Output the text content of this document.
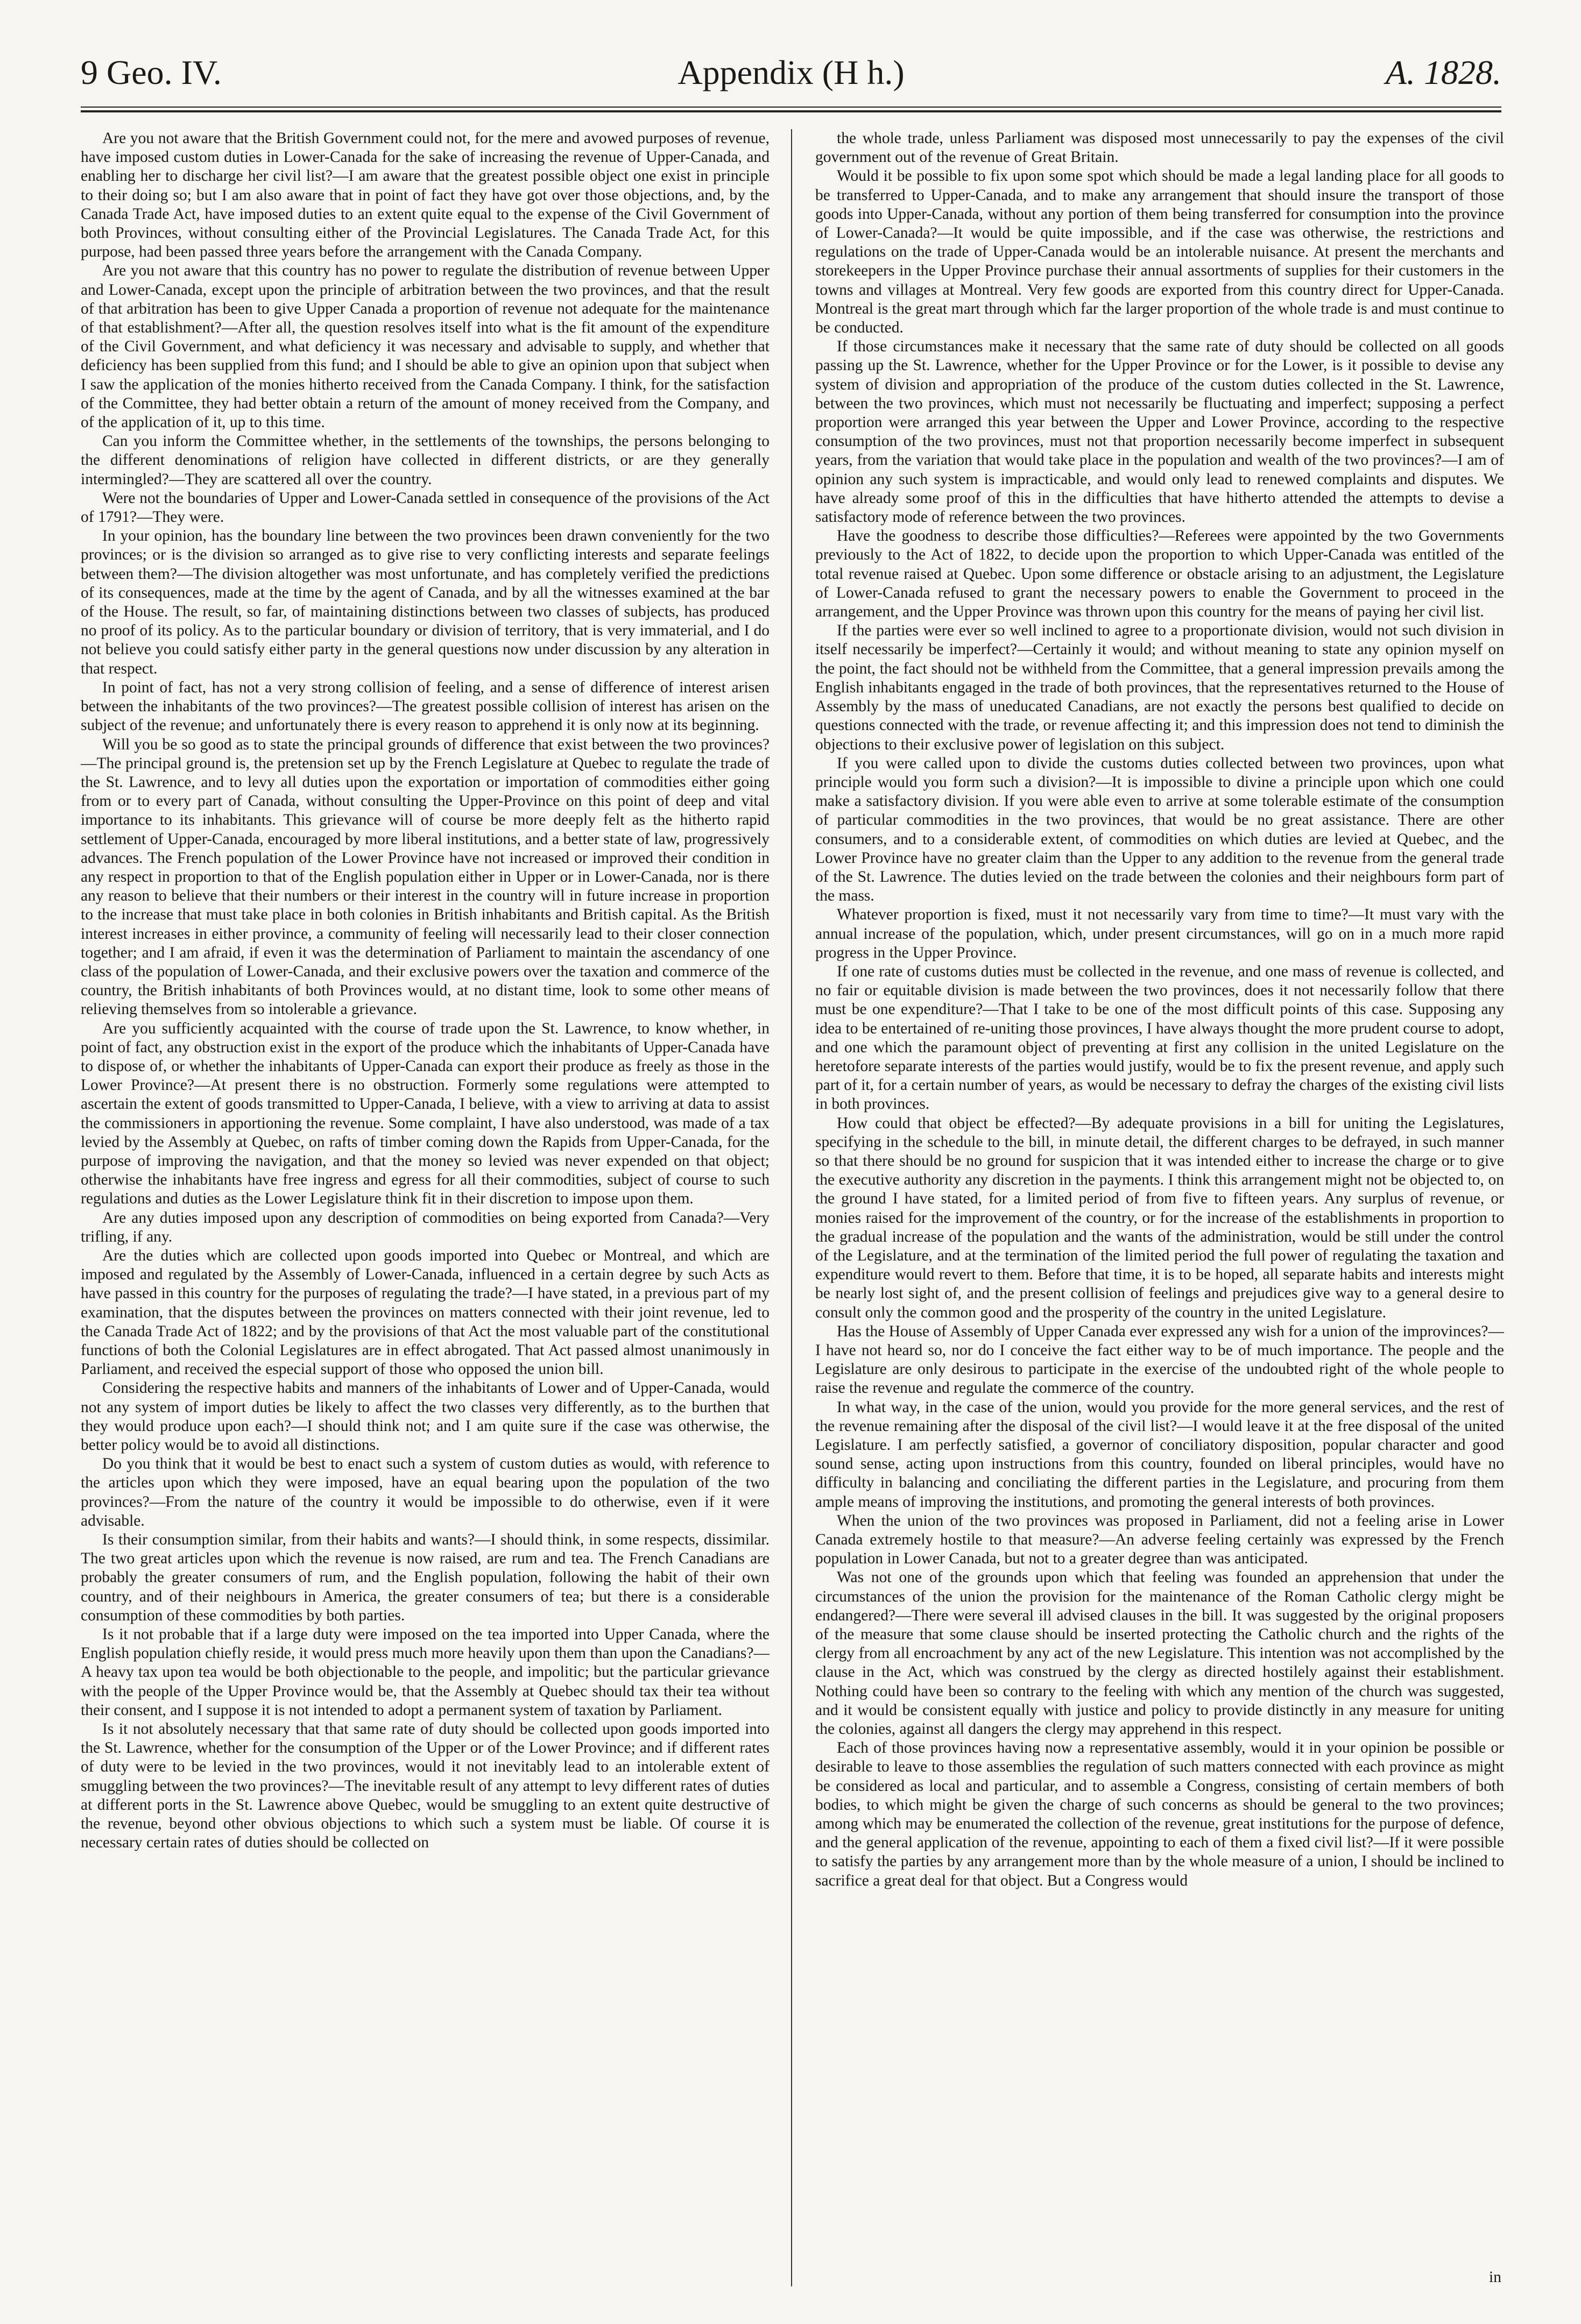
9 Geo. IV.	Appendix (H h.)	A. 1828.

Are you not aware that the British Government could not, for the mere and avowed purposes of revenue, have imposed custom duties in Lower-Canada for the sake of increasing the revenue of Upper-Canada, and enabling her to discharge her civil list?—I am aware that the greatest possible object one exist in principle to their doing so; but I am also aware that in point of fact they have got over those objections, and, by the Canada Trade Act, have imposed duties to an extent quite equal to the expense of the Civil Government of both Provinces, without consulting either of the Provincial Legislatures. The Canada Trade Act, for this purpose, had been passed three years before the arrangement with the Canada Company.

Are you not aware that this country has no power to regulate the distribution of revenue between Upper and Lower-Canada, except upon the principle of arbitration between the two provinces, and that the result of that arbitration has been to give Upper Canada a proportion of revenue not adequate for the maintenance of that establishment?—After all, the question resolves itself into what is the fit amount of the expenditure of the Civil Government, and what deficiency it was necessary and advisable to supply, and whether that deficiency has been supplied from this fund; and I should be able to give an opinion upon that subject when I saw the application of the monies hitherto received from the Canada Company. I think, for the satisfaction of the Committee, they had better obtain a return of the amount of money received from the Company, and of the application of it, up to this time.

Can you inform the Committee whether, in the settlements of the townships, the persons belonging to the different denominations of religion have collected in different districts, or are they generally intermingled?—They are scattered all over the country.

Were not the boundaries of Upper and Lower-Canada settled in consequence of the provisions of the Act of 1791?—They were.

In your opinion, has the boundary line between the two provinces been drawn conveniently for the two provinces; or is the division so arranged as to give rise to very conflicting interests and separate feelings between them?—The division altogether was most unfortunate, and has completely verified the predictions of its consequences, made at the time by the agent of Canada, and by all the witnesses examined at the bar of the House. The result, so far, of maintaining distinctions between two classes of subjects, has produced no proof of its policy. As to the particular boundary or division of territory, that is very immaterial, and I do not believe you could satisfy either party in the general questions now under discussion by any alteration in that respect.

In point of fact, has not a very strong collision of feeling, and a sense of difference of interest arisen between the inhabitants of the two provinces?—The greatest possible collision of interest has arisen on the subject of the revenue; and unfortunately there is every reason to apprehend it is only now at its beginning.

Will you be so good as to state the principal grounds of difference that exist between the two provinces?—The principal ground is, the pretension set up by the French Legislature at Quebec to regulate the trade of the St. Lawrence, and to levy all duties upon the exportation or importation of commodities either going from or to every part of Canada, without consulting the Upper-Province on this point of deep and vital importance to its inhabitants. This grievance will of course be more deeply felt as the hitherto rapid settlement of Upper-Canada, encouraged by more liberal institutions, and a better state of law, progressively advances. The French population of the Lower Province have not increased or improved their condition in any respect in proportion to that of the English population either in Upper or in Lower-Canada, nor is there any reason to believe that their numbers or their interest in the country will in future increase in proportion to the increase that must take place in both colonies in British inhabitants and British capital. As the British interest increases in either province, a community of feeling will necessarily lead to their closer connection together; and I am afraid, if even it was the determination of Parliament to maintain the ascendancy of one class of the population of Lower-Canada, and their exclusive powers over the taxation and commerce of the country, the British inhabitants of both Provinces would, at no distant time, look to some other means of relieving themselves from so intolerable a grievance.

Are you sufficiently acquainted with the course of trade upon the St. Lawrence, to know whether, in point of fact, any obstruction exist in the export of the produce which the inhabitants of Upper-Canada have to dispose of, or whether the inhabitants of Upper-Canada can export their produce as freely as those in the Lower Province?—At present there is no obstruction. Formerly some regulations were attempted to ascertain the extent of goods transmitted to Upper-Canada, I believe, with a view to arriving at data to assist the commissioners in apportioning the revenue. Some complaint, I have also understood, was made of a tax levied by the Assembly at Quebec, on rafts of timber coming down the Rapids from Upper-Canada, for the purpose of improving the navigation, and that the money so levied was never expended on that object; otherwise the inhabitants have free ingress and egress for all their commodities, subject of course to such regulations and duties as the Lower Legislature think fit in their discretion to impose upon them.

Are any duties imposed upon any description of commodities on being exported from Canada?—Very trifling, if any.

Are the duties which are collected upon goods imported into Quebec or Montreal, and which are imposed and regulated by the Assembly of Lower-Canada, influenced in a certain degree by such Acts as have passed in this country for the purposes of regulating the trade?—I have stated, in a previous part of my examination, that the disputes between the provinces on matters connected with their joint revenue, led to the Canada Trade Act of 1822; and by the provisions of that Act the most valuable part of the constitutional functions of both the Colonial Legislatures are in effect abrogated. That Act passed almost unanimously in Parliament, and received the especial support of those who opposed the union bill.

Considering the respective habits and manners of the inhabitants of Lower and of Upper-Canada, would not any system of import duties be likely to affect the two classes very differently, as to the burthen that they would produce upon each?—I should think not; and I am quite sure if the case was otherwise, the better policy would be to avoid all distinctions.

Do you think that it would be best to enact such a system of custom duties as would, with reference to the articles upon which they were imposed, have an equal bearing upon the population of the two provinces?—From the nature of the country it would be impossible to do otherwise, even if it were advisable.

Is their consumption similar, from their habits and wants?—I should think, in some respects, dissimilar. The two great articles upon which the revenue is now raised, are rum and tea. The French Canadians are probably the greater consumers of rum, and the English population, following the habit of their own country, and of their neighbours in America, the greater consumers of tea; but there is a considerable consumption of these commodities by both parties.

Is it not probable that if a large duty were imposed on the tea imported into Upper Canada, where the English population chiefly reside, it would press much more heavily upon them than upon the Canadians?—A heavy tax upon tea would be both objectionable to the people, and impolitic; but the particular grievance with the people of the Upper Province would be, that the Assembly at Quebec should tax their tea without their consent, and I suppose it is not intended to adopt a permanent system of taxation by Parliament.

Is it not absolutely necessary that that same rate of duty should be collected upon goods imported into the St. Lawrence, whether for the consumption of the Upper or of the Lower Province; and if different rates of duty were to be levied in the two provinces, would it not inevitably lead to an intolerable extent of smuggling between the two provinces?—The inevitable result of any attempt to levy different rates of duties at different ports in the St. Lawrence above Quebec, would be smuggling to an extent quite destructive of the revenue, beyond other obvious objections to which such a system must be liable. Of course it is necessary certain rates of duties should be collected on

the whole trade, unless Parliament was disposed most unnecessarily to pay the expenses of the civil government out of the revenue of Great Britain.

Would it be possible to fix upon some spot which should be made a legal landing place for all goods to be transferred to Upper-Canada, and to make any arrangement that should insure the transport of those goods into Upper-Canada, without any portion of them being transferred for consumption into the province of Lower-Canada?—It would be quite impossible, and if the case was otherwise, the restrictions and regulations on the trade of Upper-Canada would be an intolerable nuisance. At present the merchants and storekeepers in the Upper Province purchase their annual assortments of supplies for their customers in the towns and villages at Montreal. Very few goods are exported from this country direct for Upper-Canada. Montreal is the great mart through which far the larger proportion of the whole trade is and must continue to be conducted.

If those circumstances make it necessary that the same rate of duty should be collected on all goods passing up the St. Lawrence, whether for the Upper Province or for the Lower, is it possible to devise any system of division and appropriation of the produce of the custom duties collected in the St. Lawrence, between the two provinces, which must not necessarily be fluctuating and imperfect; supposing a perfect proportion were arranged this year between the Upper and Lower Province, according to the respective consumption of the two provinces, must not that proportion necessarily become imperfect in subsequent years, from the variation that would take place in the population and wealth of the two provinces?—I am of opinion any such system is impracticable, and would only lead to renewed complaints and disputes. We have already some proof of this in the difficulties that have hitherto attended the attempts to devise a satisfactory mode of reference between the two provinces.

Have the goodness to describe those difficulties?—Referees were appointed by the two Governments previously to the Act of 1822, to decide upon the proportion to which Upper-Canada was entitled of the total revenue raised at Quebec. Upon some difference or obstacle arising to an adjustment, the Legislature of Lower-Canada refused to grant the necessary powers to enable the Government to proceed in the arrangement, and the Upper Province was thrown upon this country for the means of paying her civil list.

If the parties were ever so well inclined to agree to a proportionate division, would not such division in itself necessarily be imperfect?—Certainly it would; and without meaning to state any opinion myself on the point, the fact should not be withheld from the Committee, that a general impression prevails among the English inhabitants engaged in the trade of both provinces, that the representatives returned to the House of Assembly by the mass of uneducated Canadians, are not exactly the persons best qualified to decide on questions connected with the trade, or revenue affecting it; and this impression does not tend to diminish the objections to their exclusive power of legislation on this subject.

If you were called upon to divide the customs duties collected between two provinces, upon what principle would you form such a division?—It is impossible to divine a principle upon which one could make a satisfactory division. If you were able even to arrive at some tolerable estimate of the consumption of particular commodities in the two provinces, that would be no great assistance. There are other consumers, and to a considerable extent, of commodities on which duties are levied at Quebec, and the Lower Province have no greater claim than the Upper to any addition to the revenue from the general trade of the St. Lawrence. The duties levied on the trade between the colonies and their neighbours form part of the mass.

Whatever proportion is fixed, must it not necessarily vary from time to time?—It must vary with the annual increase of the population, which, under present circumstances, will go on in a much more rapid progress in the Upper Province.

If one rate of customs duties must be collected in the revenue, and one mass of revenue is collected, and no fair or equitable division is made between the two provinces, does it not necessarily follow that there must be one expenditure?—That I take to be one of the most difficult points of this case. Supposing any idea to be entertained of re-uniting those provinces, I have always thought the more prudent course to adopt, and one which the paramount object of preventing at first any collision in the united Legislature on the heretofore separate interests of the parties would justify, would be to fix the present revenue, and apply such part of it, for a certain number of years, as would be necessary to defray the charges of the existing civil lists in both provinces.

How could that object be effected?—By adequate provisions in a bill for uniting the Legislatures, specifying in the schedule to the bill, in minute detail, the different charges to be defrayed, in such manner so that there should be no ground for suspicion that it was intended either to increase the charge or to give the executive authority any discretion in the payments. I think this arrangement might not be objected to, on the ground I have stated, for a limited period of from five to fifteen years. Any surplus of revenue, or monies raised for the improvement of the country, or for the increase of the establishments in proportion to the gradual increase of the population and the wants of the administration, would be still under the control of the Legislature, and at the termination of the limited period the full power of regulating the taxation and expenditure would revert to them. Before that time, it is to be hoped, all separate habits and interests might be nearly lost sight of, and the present collision of feelings and prejudices give way to a general desire to consult only the common good and the prosperity of the country in the united Legislature.

Has the House of Assembly of Upper Canada ever expressed any wish for a union of the improvinces?—I have not heard so, nor do I conceive the fact either way to be of much importance. The people and the Legislature are only desirous to participate in the exercise of the undoubted right of the whole people to raise the revenue and regulate the commerce of the country.

In what way, in the case of the union, would you provide for the more general services, and the rest of the revenue remaining after the disposal of the civil list?—I would leave it at the free disposal of the united Legislature. I am perfectly satisfied, a governor of conciliatory disposition, popular character and good sound sense, acting upon instructions from this country, founded on liberal principles, would have no difficulty in balancing and conciliating the different parties in the Legislature, and procuring from them ample means of improving the institutions, and promoting the general interests of both provinces.

When the union of the two provinces was proposed in Parliament, did not a feeling arise in Lower Canada extremely hostile to that measure?—An adverse feeling certainly was expressed by the French population in Lower Canada, but not to a greater degree than was anticipated.

Was not one of the grounds upon which that feeling was founded an apprehension that under the circumstances of the union the provision for the maintenance of the Roman Catholic clergy might be endangered?—There were several ill advised clauses in the bill. It was suggested by the original proposers of the measure that some clause should be inserted protecting the Catholic church and the rights of the clergy from all encroachment by any act of the new Legislature. This intention was not accomplished by the clause in the Act, which was construed by the clergy as directed hostilely against their establishment. Nothing could have been so contrary to the feeling with which any mention of the church was suggested, and it would be consistent equally with justice and policy to provide distinctly in any measure for uniting the colonies, against all dangers the clergy may apprehend in this respect.

Each of those provinces having now a representative assembly, would it in your opinion be possible or desirable to leave to those assemblies the regulation of such matters connected with each province as might be considered as local and particular, and to assemble a Congress, consisting of certain members of both bodies, to which might be given the charge of such concerns as should be general to the two provinces; among which may be enumerated the collection of the revenue, great institutions for the purpose of defence, and the general application of the revenue, appointing to each of them a fixed civil list?—If it were possible to satisfy the parties by any arrangement more than by the whole measure of a union, I should be inclined to sacrifice a great deal for that object. But a Congress would

in
